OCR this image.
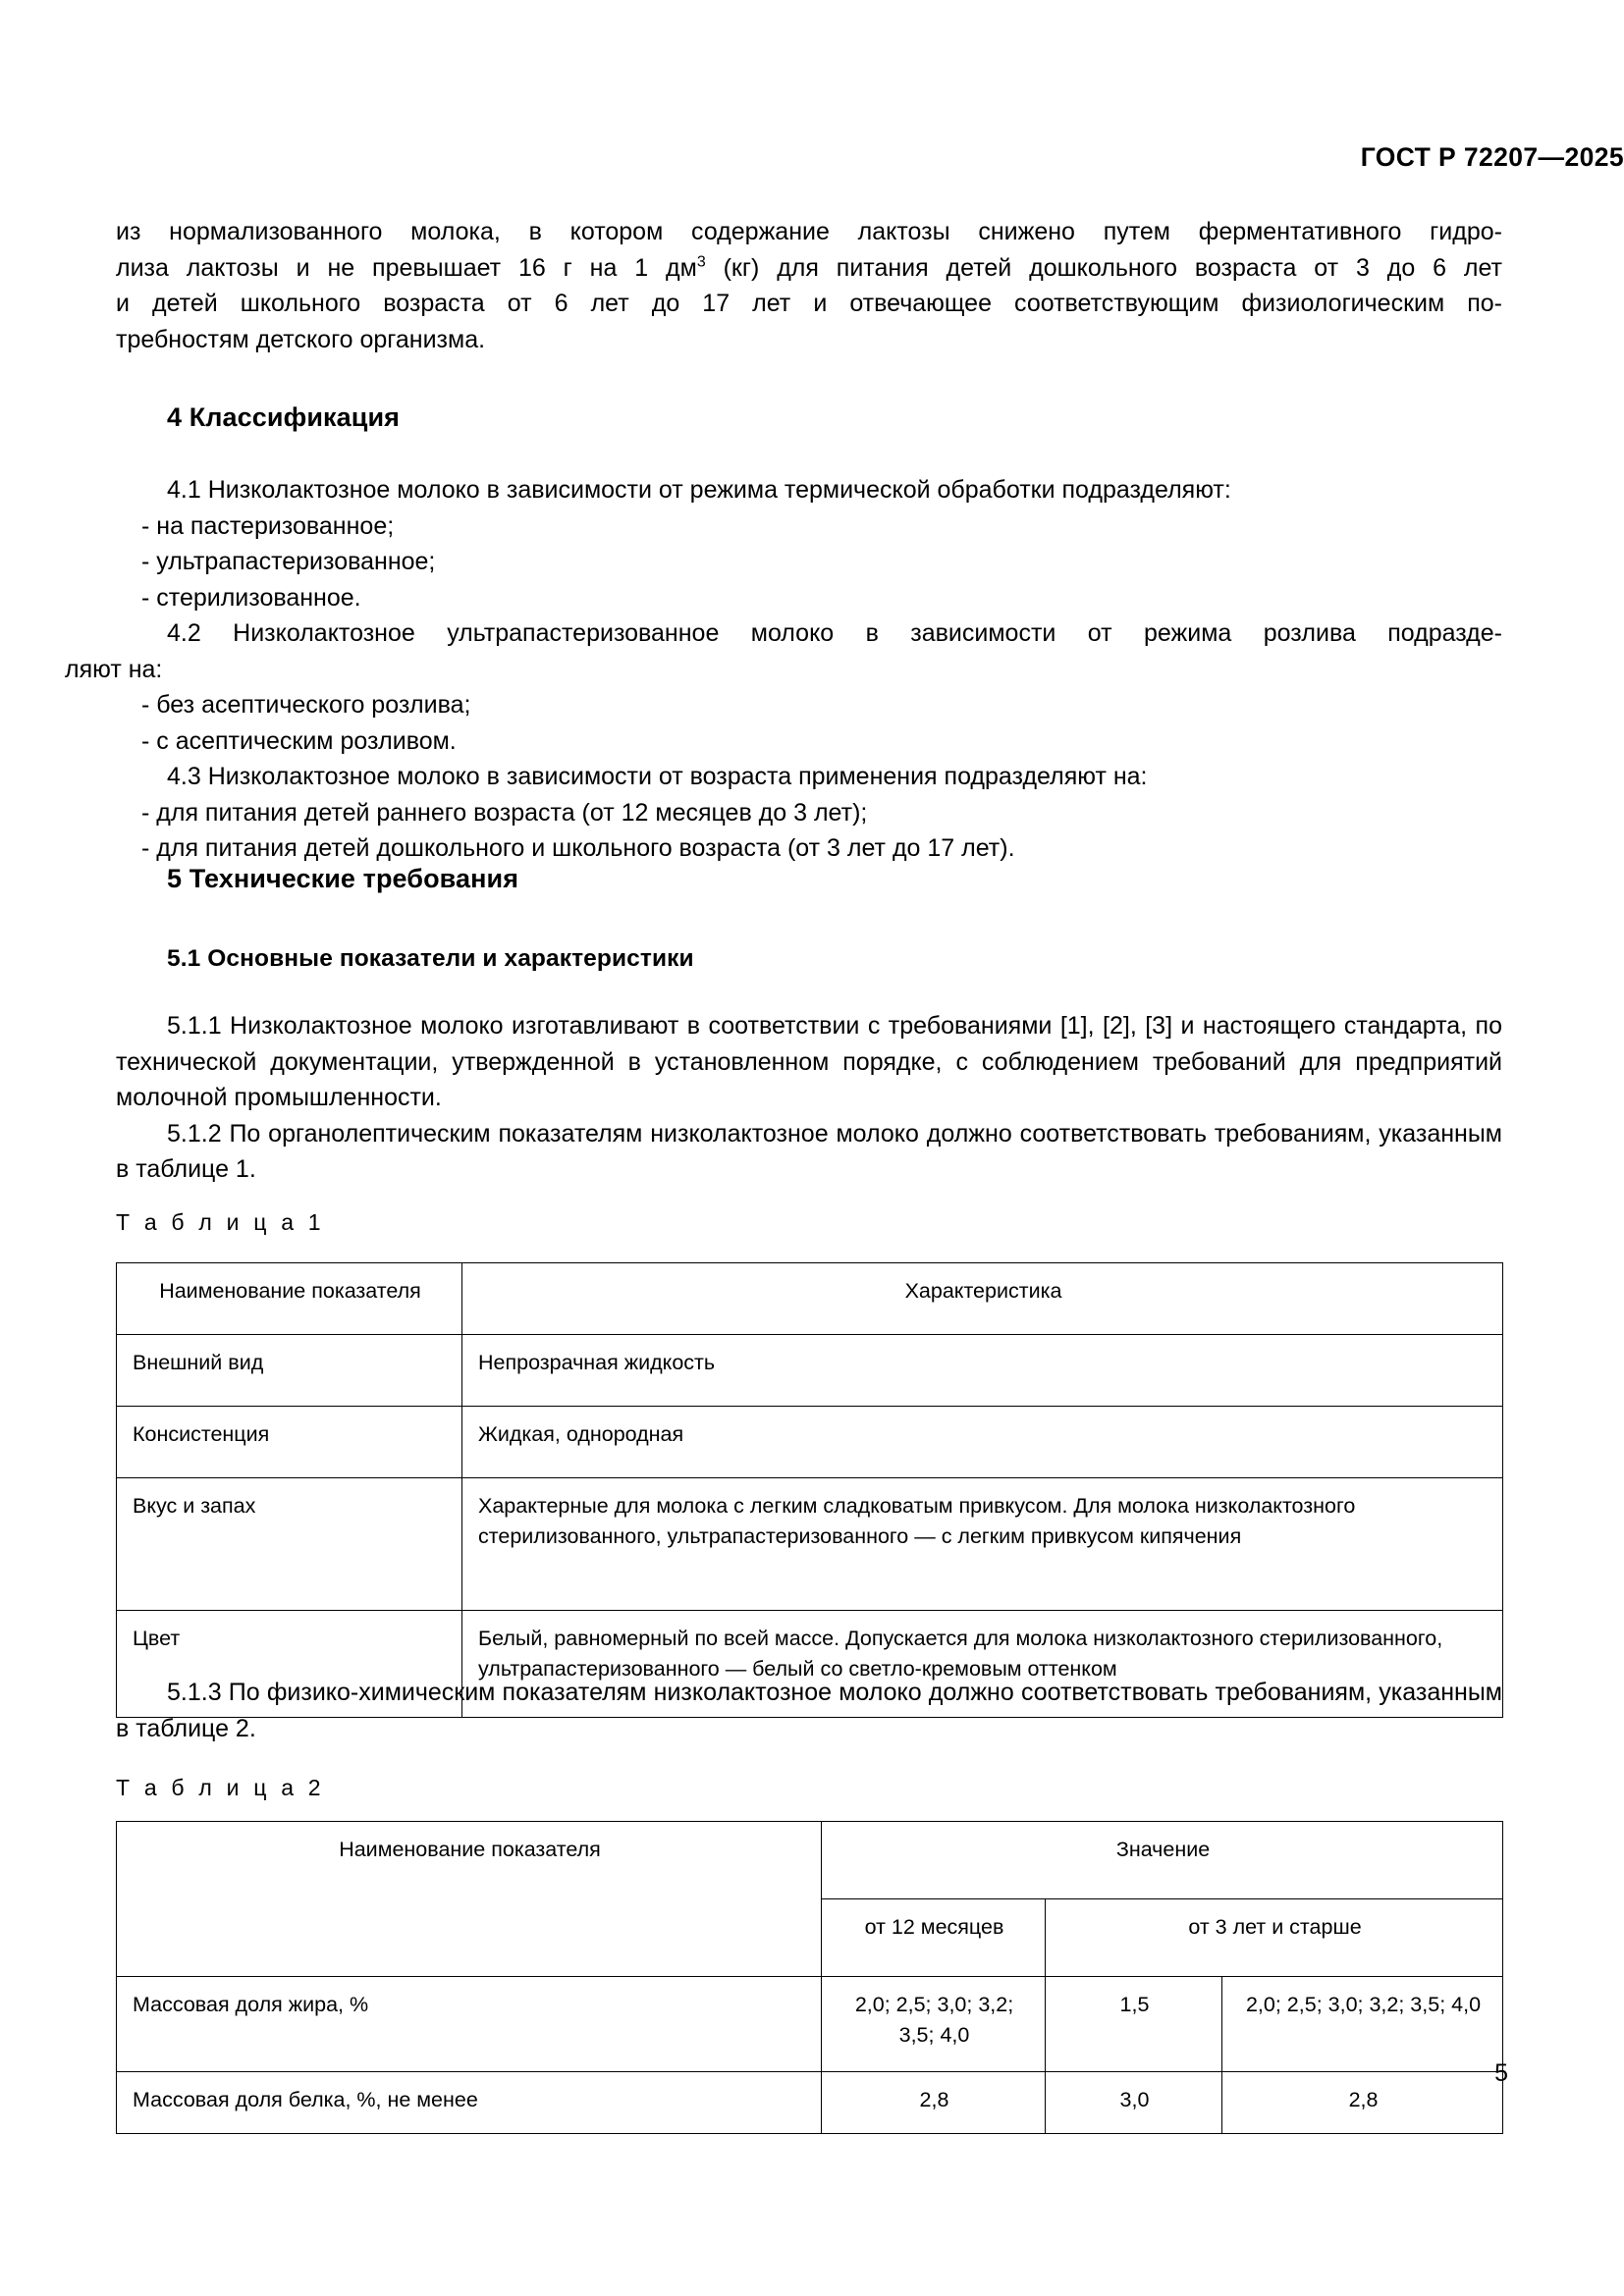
ГОСТ Р 72207—2025

из нормализованного молока, в котором содержание лактозы снижено путем ферментативного гидро-

лиза лактозы и не превышает 16 г на 1 $дм^3$ (кг) для питания детей дошкольного возраста от 3 до 6 лет

и детей школьного возраста от 6 лет до 17 лет и отвечающее соответствующим физиологическим по-

требностям детского организма.

4 Классификация

4.1 Низколактозное молоко в зависимости от режима термической обработки подразделяют:

- на пастеризованное;

- ультрапастеризованное;

- стерилизованное.

4.2 Низколактозное ультрапастеризованное молоко в зависимости от режима розлива подразде-

ляют на:

- без асептического розлива;

- с асептическим розливом.

4.3 Низколактозное молоко в зависимости от возраста применения подразделяют на:

- для питания детей раннего возраста (от 12 месяцев до 3 лет);

- для питания детей дошкольного и школьного возраста (от 3 лет до 17 лет).

5 Технические требования
5.1 Основные показатели и характеристики

5.1.1 Низколактозное молоко изготавливают в соответствии с требованиями [1], [2], [3] и настоящего стандарта, по технической документации, утвержденной в установленном порядке, с соблюдением требований для предприятий молочной промышленности.

5.1.2 По органолептическим показателям низколактозное молоко должно соответствовать требованиям, указанным в таблице 1.

Т а б л и ц а 1
Наименование показателя	Характеристика

Внешний вид	Непрозрачная жидкость

Консистенция	Жидкая, однородная

Вкус и запах	Характерные для молока с легким сладковатым привкусом. Для молока низколактозного стерилизованного, ультрапастеризованного — с легким привкусом кипячения

Цвет	Белый, равномерный по всей массе. Допускается для молока низколактозного стерилизованного, ультрапастеризованного — белый со светло-кремовым оттенком

5.1.3 По физико-химическим показателям низколактозное молоко должно соответствовать требованиям, указанным в таблице 2.

Т а б л и ц а 2
Наименование показателя	Значение		

	от 12 месяцев	от 3 лет и старше	

Массовая доля жира, %	2,0; 2,5; 3,0; 3,2; 3,5; 4,0	1,5	2,0; 2,5; 3,0; 3,2; 3,5; 4,0

Массовая доля белка, %, не менее	2,8	3,0	2,8
5
